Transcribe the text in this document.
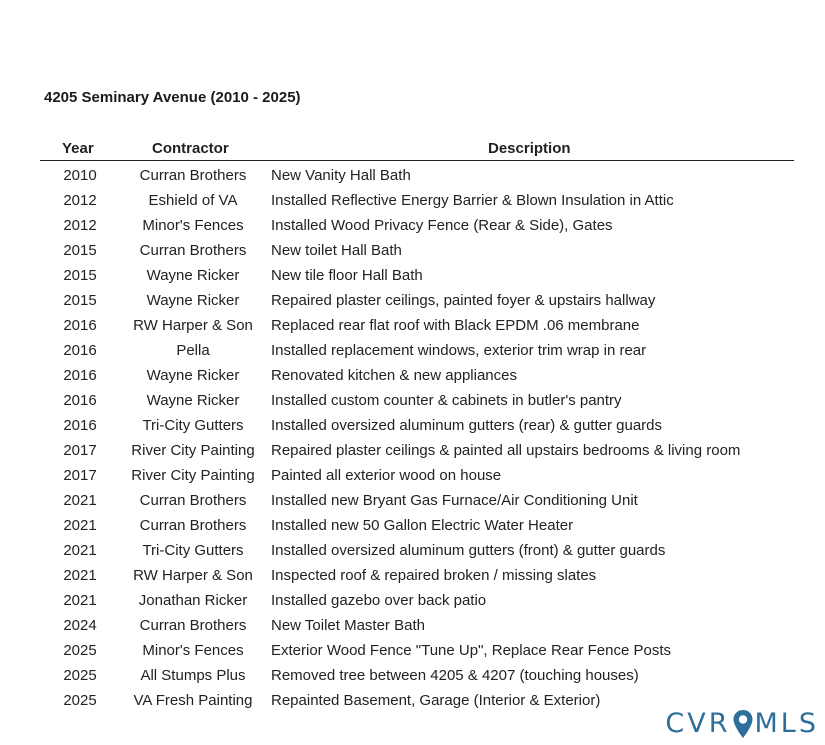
4205 Seminary Avenue (2010 - 2025)
Year	Contractor	Description
2010	Curran Brothers	New Vanity Hall Bath
2012	Eshield of VA	Installed Reflective Energy Barrier & Blown Insulation in Attic
2012	Minor's Fences	Installed Wood Privacy Fence (Rear & Side), Gates
2015	Curran Brothers	New toilet Hall Bath
2015	Wayne Ricker	New tile floor Hall Bath
2015	Wayne Ricker	Repaired plaster ceilings, painted foyer & upstairs hallway
2016	RW Harper & Son	Replaced rear flat roof with Black EPDM .06 membrane
2016	Pella	Installed replacement windows, exterior trim wrap in rear
2016	Wayne Ricker	Renovated kitchen & new appliances
2016	Wayne Ricker	Installed custom counter & cabinets in butler's pantry
2016	Tri-City Gutters	Installed oversized aluminum gutters (rear) & gutter guards
2017	River City Painting	Repaired plaster ceilings & painted all upstairs bedrooms & living room
2017	River City Painting	Painted all exterior wood on house
2021	Curran Brothers	Installed new Bryant Gas Furnace/Air Conditioning Unit
2021	Curran Brothers	Installed new 50 Gallon Electric Water Heater
2021	Tri-City Gutters	Installed oversized aluminum gutters (front) & gutter guards
2021	RW Harper & Son	Inspected roof & repaired broken / missing slates
2021	Jonathan Ricker	Installed gazebo over back patio
2024	Curran Brothers	New Toilet Master Bath
2025	Minor's Fences	Exterior Wood Fence "Tune Up", Replace Rear Fence Posts
2025	All Stumps Plus	Removed tree between 4205 & 4207 (touching houses)
2025	VA Fresh Painting	Repainted Basement, Garage (Interior & Exterior)
CVR MLS
